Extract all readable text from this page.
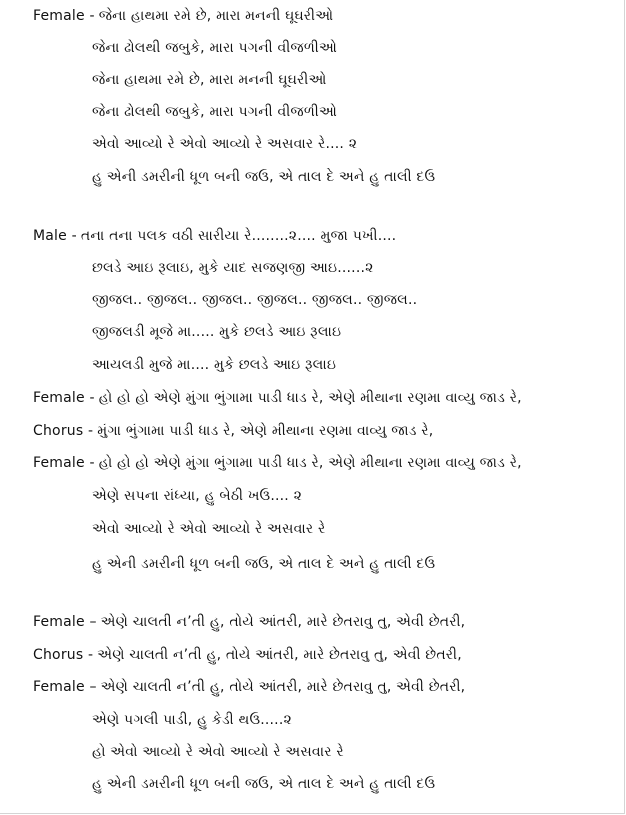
Female - જેના હાથમા રમે છે, મારા મનની ઘૂઘરીઓ
જેના ઢોલથી જબુકે, મારા પગની વીજળીઓ
જેના હાથમા રમે છે, મારા મનની ઘૂઘરીઓ
જેના ઢોલથી જબુકે, મારા પગની વીજળીઓ
એવો આવ્યો રે એવો આવ્યો રે અસવાર રે.... ૨
હુ એની ડમરીની ધૂળ બની જઉ, એ તાલ દે અને હુ તાલી દઉ
Male - તના તના પલક વઠી સારીયા રે........૨.... મુજા પખી....
છલડે આઇ રૂલાઇ, મુકે યાદ સજણજી આઇ......૨
જીજલ.. જીજલ.. જીજલ.. જીજલ.. જીજલ.. જીજલ..
જીજલડી મૂજે મા..... મુકે છલડે આઇ રૂલાઇ
આયલડી મુજે મા.... મુકે છલડે આઇ રૂલાઇ
Female - હો હો હો એણે મુંગા ભુંગામા પાડી ધાડ રે, એણે મીથાના રણમા વાવ્યુ જાડ રે,
Chorus - મુંગા ભુંગામા પાડી ધાડ રે, એણે મીથાના રણમા વાવ્યુ જાડ રે,
Female - હો હો હો એણે મુંગા ભુંગામા પાડી ધાડ રે, એણે મીથાના રણમા વાવ્યુ જાડ રે,
એણે સપના રાંધ્યા, હુ બેઠી ખઉ.... ૨
એવો આવ્યો રે એવો આવ્યો રે અસવાર રે
હુ એની ડમરીની ધૂળ બની જઉ, એ તાલ દે અને હુ તાલી દઉ
Female – એણે ચાલતી ન’તી હુ, તોયે આંતરી, મારે છેતરાવુ તુ, એવી છેતરી,
Chorus - એણે ચાલતી ન’તી હુ, તોયે આંતરી, મારે છેતરાવુ તુ, એવી છેતરી,
Female – એણે ચાલતી ન’તી હુ, તોયે આંતરી, મારે છેતરાવુ તુ, એવી છેતરી,
એણે પગલી પાડી, હુ કેડી થઉ.....૨
હો એવો આવ્યો રે એવો આવ્યો રે અસવાર રે
હુ એની ડમરીની ધૂળ બની જઉ, એ તાલ દે અને હુ તાલી દઉ
